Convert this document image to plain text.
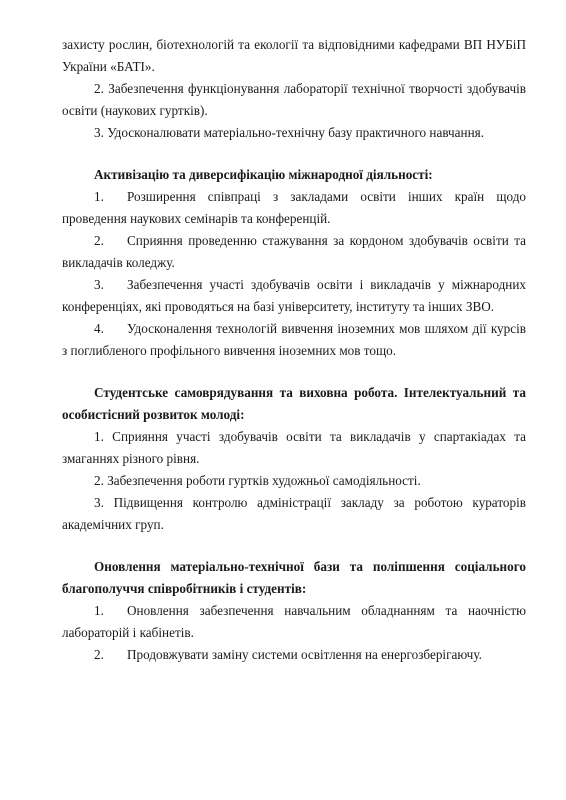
захисту рослин, біотехнологій та екології та відповідними кафедрами ВП НУБіП
України «БАТІ».
2. Забезпечення функціонування лабораторії технічної творчості здобувачів
освіти (наукових гуртків).
3. Удосконалювати матеріально-технічну базу практичного навчання.
Активізацію та диверсифікацію міжнародної діяльності:
1. Розширення співпраці з закладами освіти інших країн щодо
проведення наукових семінарів та конференцій.
2. Сприяння проведенню стажування за кордоном здобувачів освіти та
викладачів коледжу.
3. Забезпечення участі здобувачів освіти і викладачів у міжнародних
конференціях, які проводяться на базі університету, інституту та інших ЗВО.
4. Удосконалення технологій вивчення іноземних мов шляхом дії курсів
з поглибленого профільного вивчення іноземних мов тощо.
Студентське самоврядування та виховна робота. Інтелектуальний та
особистісний розвиток молоді:
1. Сприяння участі здобувачів освіти та викладачів у спартакіадах та
змаганнях різного рівня.
2. Забезпечення роботи гуртків художньої самодіяльності.
3. Підвищення контролю адміністрації закладу за роботою кураторів
академічних груп.
Оновлення матеріально-технічної бази та поліпшення соціального
благополуччя співробітників і студентів:
1. Оновлення забезпечення навчальним обладнанням та наочністю
лабораторій і кабінетів.
2. Продовжувати заміну системи освітлення на енергозберігаючу.
